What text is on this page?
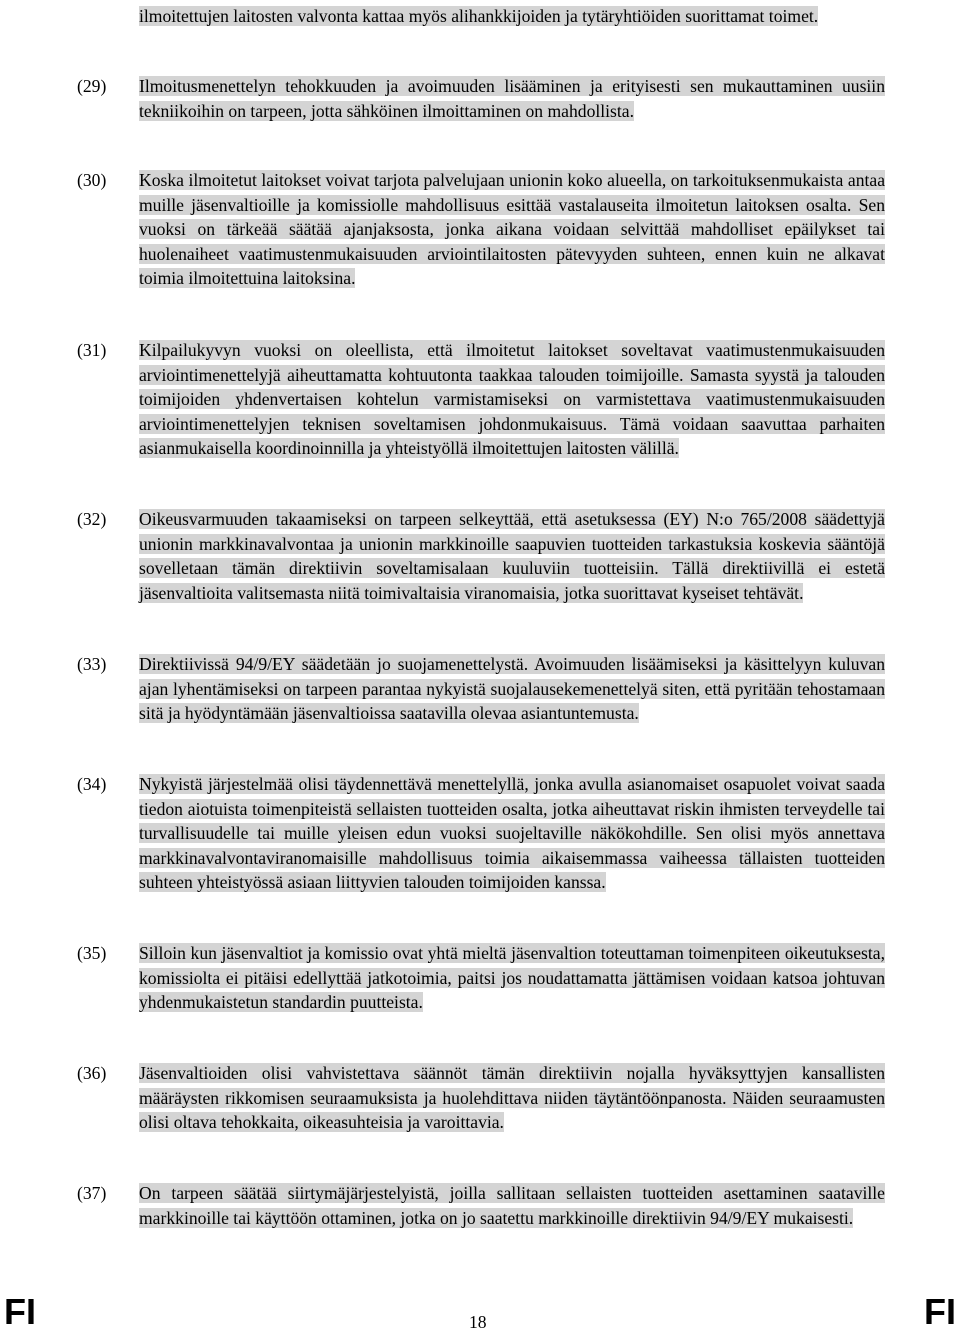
ilmoitettujen laitosten valvonta kattaa myös alihankkijoiden ja tytäryhtiöiden suorittamat toimet.
(29) Ilmoitusmenettelyn tehokkuuden ja avoimuuden lisääminen ja erityisesti sen mukauttaminen uusiin tekniikoihin on tarpeen, jotta sähköinen ilmoittaminen on mahdollista.
(30) Koska ilmoitetut laitokset voivat tarjota palvelujaan unionin koko alueella, on tarkoituksenmukaista antaa muille jäsenvaltioille ja komissiolle mahdollisuus esittää vastalauseita ilmoitetun laitoksen osalta. Sen vuoksi on tärkeää säätää ajanjaksosta, jonka aikana voidaan selvittää mahdolliset epäilykset tai huolenaiheet vaatimustenmukaisuuden arviointilaitosten pätevyyden suhteen, ennen kuin ne alkavat toimia ilmoitettuina laitoksina.
(31) Kilpailukyvyn vuoksi on oleellista, että ilmoitetut laitokset soveltavat vaatimustenmukaisuuden arviointimenettelyjä aiheuttamatta kohtuutonta taakkaa talouden toimijoille. Samasta syystä ja talouden toimijoiden yhdenvertaisen kohtelun varmistamiseksi on varmistettava vaatimustenmukaisuuden arviointimenettelyjen teknisen soveltamisen johdonmukaisuus. Tämä voidaan saavuttaa parhaiten asianmukaisella koordinoinnilla ja yhteistyöllä ilmoitettujen laitosten välillä.
(32) Oikeusvarmuuden takaamiseksi on tarpeen selkeyttää, että asetuksessa (EY) N:o 765/2008 säädettyjä unionin markkinavalvontaa ja unionin markkinoille saapuvien tuotteiden tarkastuksia koskevia sääntöjä sovelletaan tämän direktiivin soveltamisalaan kuuluviin tuotteisiin. Tällä direktiivillä ei estetä jäsenvaltioita valitsemasta niitä toimivaltaisia viranomaisia, jotka suorittavat kyseiset tehtävät.
(33) Direktiivissä 94/9/EY säädetään jo suojamenettelystä. Avoimuuden lisäämiseksi ja käsittelyyn kuluvan ajan lyhentämiseksi on tarpeen parantaa nykyistä suojalausekemenettelyä siten, että pyritään tehostamaan sitä ja hyödyntämään jäsenvaltioissa saatavilla olevaa asiantuntemusta.
(34) Nykyistä järjestelmää olisi täydennettävä menettelyllä, jonka avulla asianomaiset osapuolet voivat saada tiedon aiotuista toimenpiteistä sellaisten tuotteiden osalta, jotka aiheuttavat riskin ihmisten terveydelle tai turvallisuudelle tai muille yleisen edun vuoksi suojeltaville näkökohdille. Sen olisi myös annettava markkinavalvontaviranomaisille mahdollisuus toimia aikaisemmassa vaiheessa tällaisten tuotteiden suhteen yhteistyössä asiaan liittyvien talouden toimijoiden kanssa.
(35) Silloin kun jäsenvaltiot ja komissio ovat yhtä mieltä jäsenvaltion toteuttaman toimenpiteen oikeutuksesta, komissiolta ei pitäisi edellyttää jatkotoimia, paitsi jos noudattamatta jättämisen voidaan katsoa johtuvan yhdenmukaistetun standardin puutteista.
(36) Jäsenvaltioiden olisi vahvistettava säännöt tämän direktiivin nojalla hyväksyttyjen kansallisten määräysten rikkomisen seuraamuksista ja huolehdittava niiden täytäntöönpanosta. Näiden seuraamusten olisi oltava tehokkaita, oikeasuhteisia ja varoittavia.
(37) On tarpeen säätää siirtymäjärjestelyistä, joilla sallitaan sellaisten tuotteiden asettaminen saataville markkinoille tai käyttöön ottaminen, jotka on jo saatettu markkinoille direktiivin 94/9/EY mukaisesti.
FI	18	FI
